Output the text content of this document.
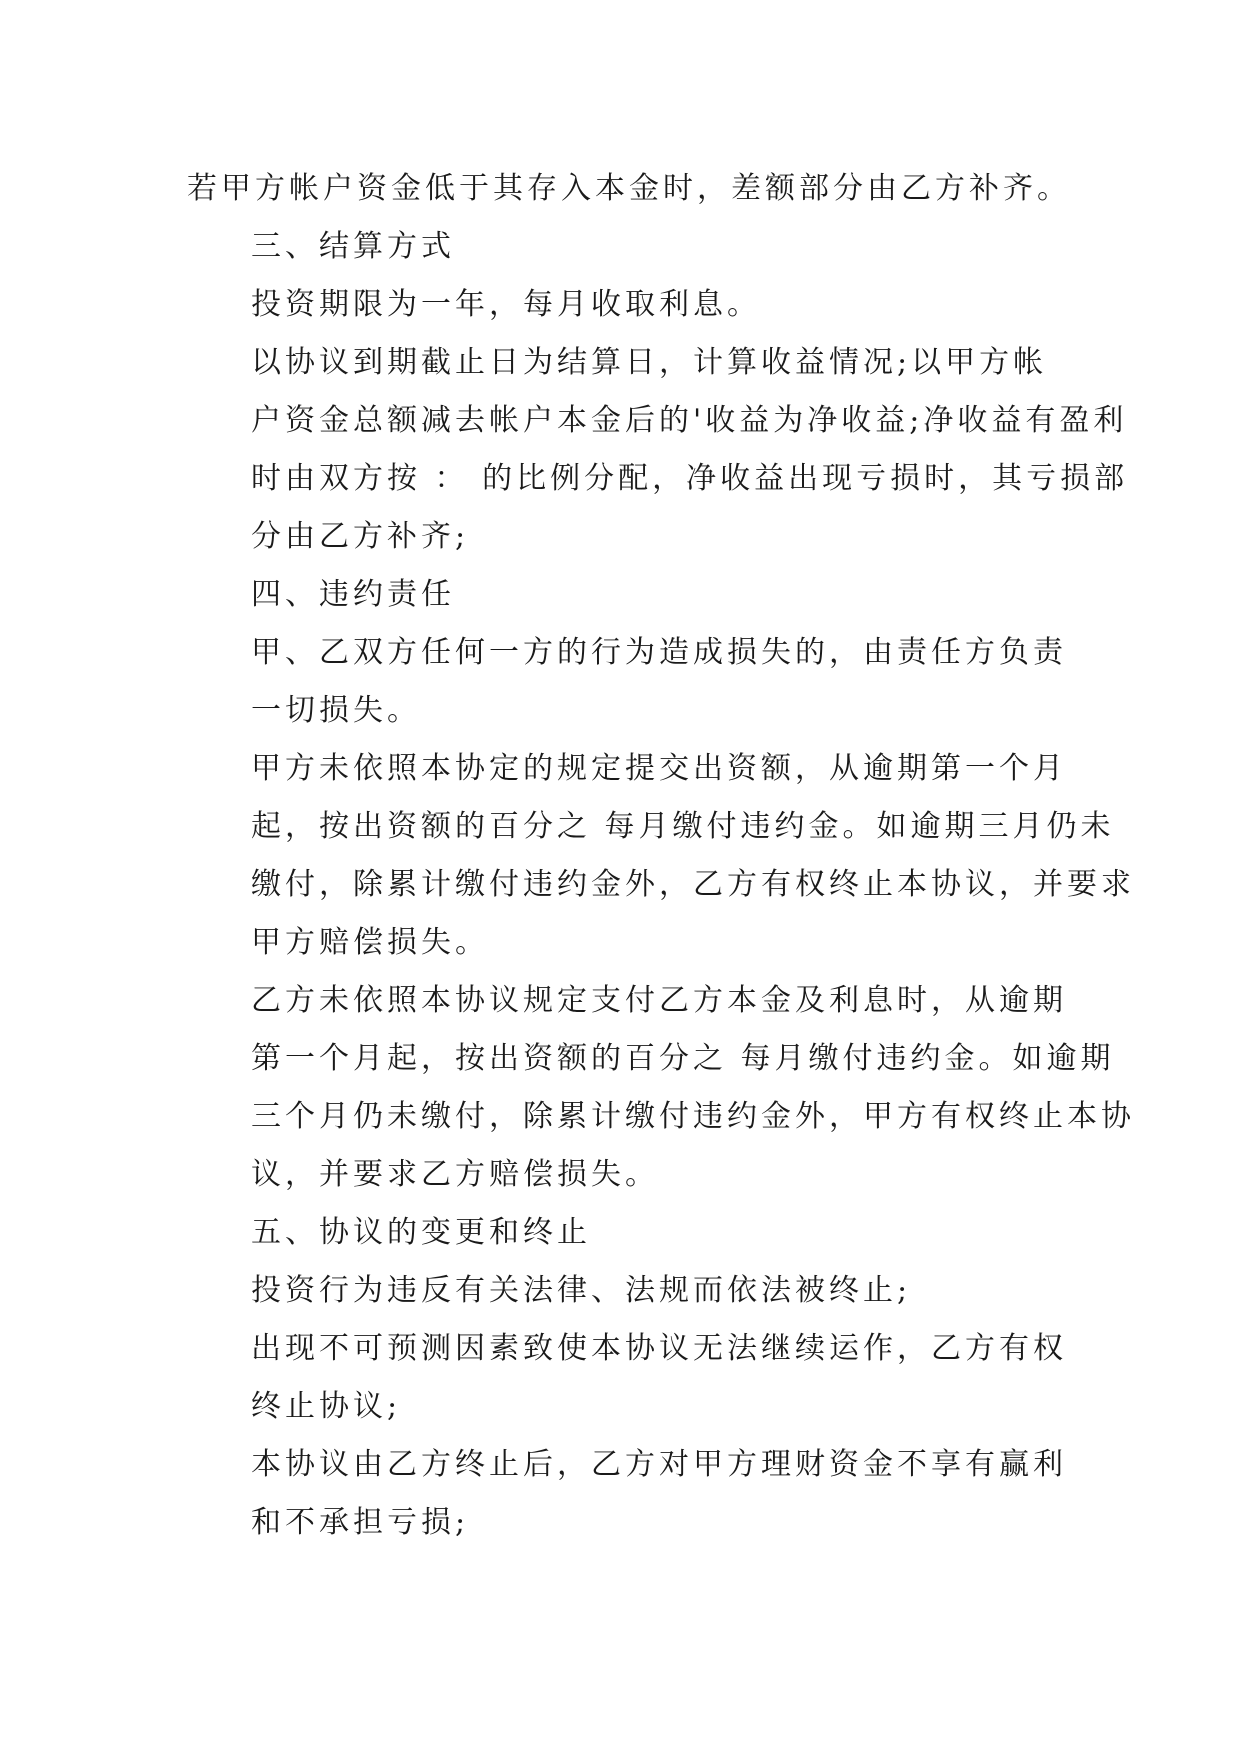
若甲方帐户资金低于其存入本金时，差额部分由乙方补齐。

三、结算方式

投资期限为一年，每月收取利息。

以协议到期截止日为结算日，计算收益情况;以甲方帐
户资金总额减去帐户本金后的'收益为净收益;净收益有盈利
时由双方按 ： 的比例分配，净收益出现亏损时，其亏损部
分由乙方补齐;

四、违约责任

甲、乙双方任何一方的行为造成损失的，由责任方负责
一切损失。

甲方未依照本协定的规定提交出资额，从逾期第一个月
起，按出资额的百分之 每月缴付违约金。如逾期三月仍未
缴付，除累计缴付违约金外，乙方有权终止本协议，并要求
甲方赔偿损失。

乙方未依照本协议规定支付乙方本金及利息时，从逾期
第一个月起，按出资额的百分之 每月缴付违约金。如逾期
三个月仍未缴付，除累计缴付违约金外，甲方有权终止本协
议，并要求乙方赔偿损失。

五、协议的变更和终止

投资行为违反有关法律、法规而依法被终止;

出现不可预测因素致使本协议无法继续运作，乙方有权
终止协议;

本协议由乙方终止后，乙方对甲方理财资金不享有赢利
和不承担亏损;
